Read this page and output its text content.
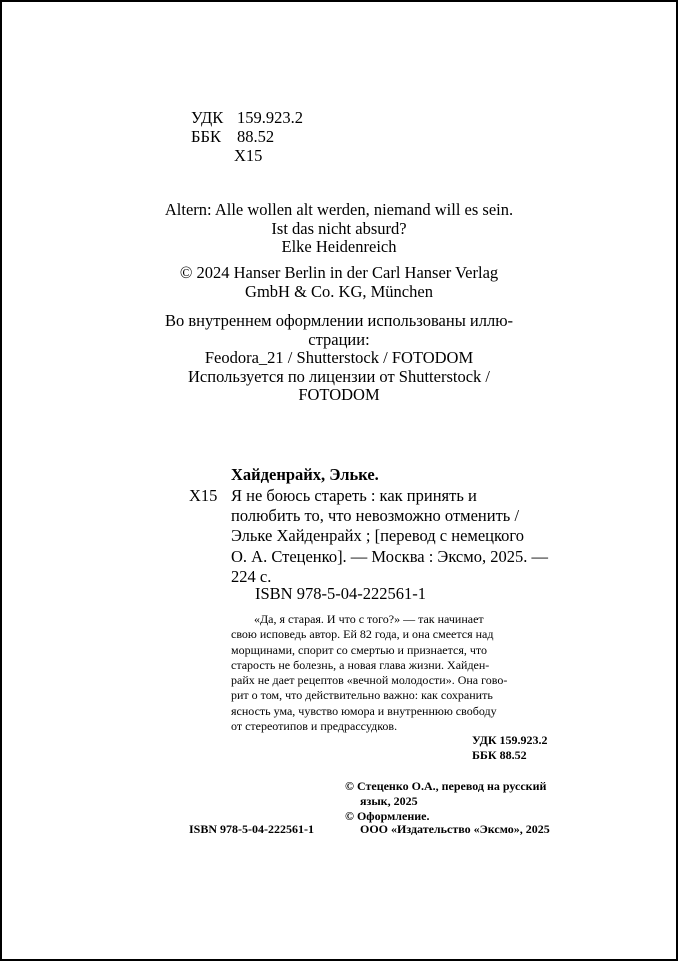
УДК 159.923.2
ББК 88.52
Х15
Altern: Alle wollen alt werden, niemand will es sein.
Ist das nicht absurd?
Elke Heidenreich
© 2024 Hanser Berlin in der Carl Hanser Verlag
GmbH & Co. KG, München
Во внутреннем оформлении использованы иллю-
страции:
Feodora_21 / Shutterstock / FOTODOM
Используется по лицензии от Shutterstock /
FOTODOM
Хайденрайх, Эльке.
Х15 Я не боюсь стареть : как принять и
полюбить то, что невозможно отменить /
Эльке Хайденрайх ; [перевод с немецкого
О. А. Стеценко]. — Москва : Эксмо, 2025. —
224 с.
ISBN 978-5-04-222561-1
«Да, я старая. И что с того?» — так начинает
свою исповедь автор. Ей 82 года, и она смеется над
морщинами, спорит со смертью и признается, что
старость не болезнь, а новая глава жизни. Хайден-
райх не дает рецептов «вечной молодости». Она гово-
рит о том, что действительно важно: как сохранить
ясность ума, чувство юмора и внутреннюю свободу
от стереотипов и предрассудков.
УДК 159.923.2
ББК 88.52
© Стеценко О.А., перевод на русский
язык, 2025
© Оформление.
ISBN 978-5-04-222561-1	ООО «Издательство «Эксмо», 2025
